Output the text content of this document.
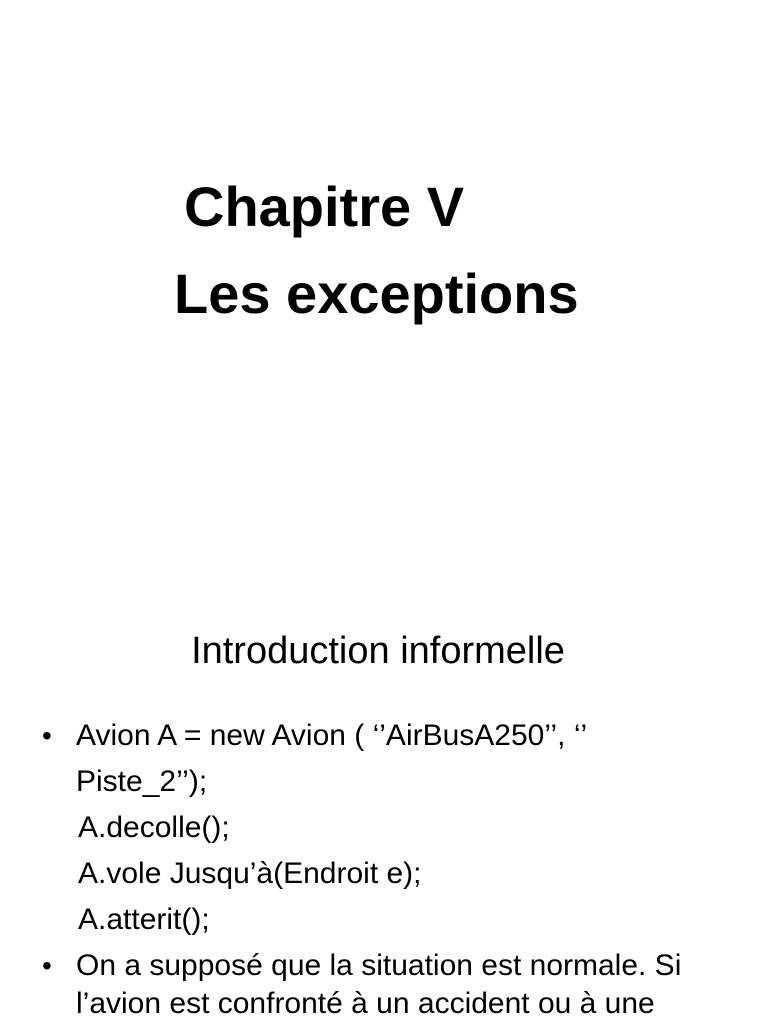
Chapitre V
Les exceptions
Introduction informelle
• Avion A = new Avion ( ‘’AirBusA250’’, ‘’
Piste_2’’);
A.decolle();
A.vole Jusqu’à(Endroit e);
A.atterit();
• On a supposé que la situation est normale. Si
l’avion est confronté à un accident ou à une
